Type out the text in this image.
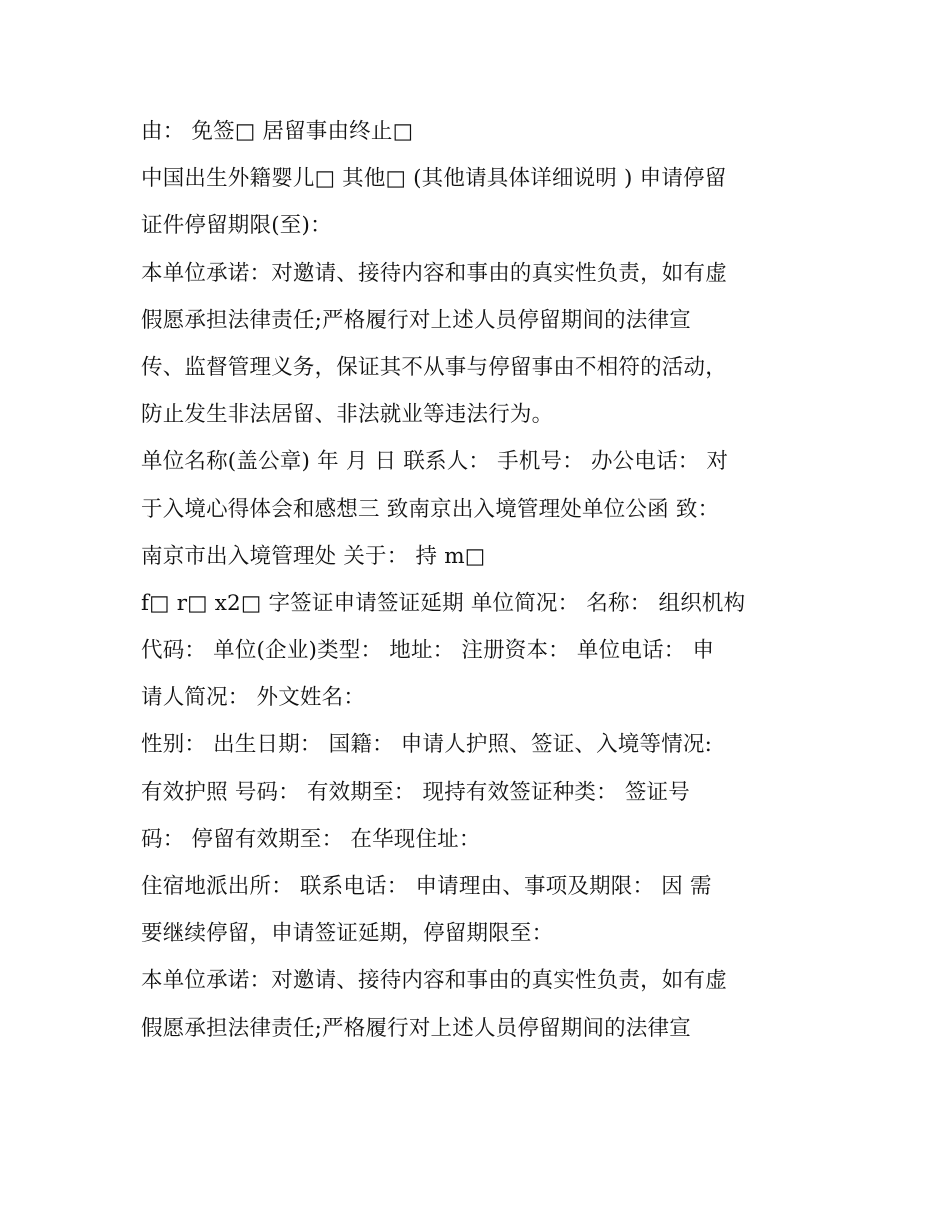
由： 免签□ 居留事由终止□
中国出生外籍婴儿□ 其他□ (其他请具体详细说明 ) 申请停留
证件停留期限(至)：
本单位承诺：对邀请、接待内容和事由的真实性负责，如有虚
假愿承担法律责任;严格履行对上述人员停留期间的法律宣
传、监督管理义务，保证其不从事与停留事由不相符的活动，
防止发生非法居留、非法就业等违法行为。
单位名称(盖公章) 年 月 日 联系人： 手机号： 办公电话： 对
于入境心得体会和感想三 致南京出入境管理处单位公函 致：
南京市出入境管理处 关于： 持 m□
f□ r□ x2□ 字签证申请签证延期 单位简况： 名称： 组织机构
代码： 单位(企业)类型： 地址： 注册资本： 单位电话： 申
请人简况： 外文姓名：
性别： 出生日期： 国籍： 申请人护照、签证、入境等情况:
有效护照 号码： 有效期至： 现持有效签证种类： 签证号
码： 停留有效期至： 在华现住址：
住宿地派出所： 联系电话： 申请理由、事项及期限： 因 需
要继续停留，申请签证延期，停留期限至：
本单位承诺：对邀请、接待内容和事由的真实性负责，如有虚
假愿承担法律责任;严格履行对上述人员停留期间的法律宣
